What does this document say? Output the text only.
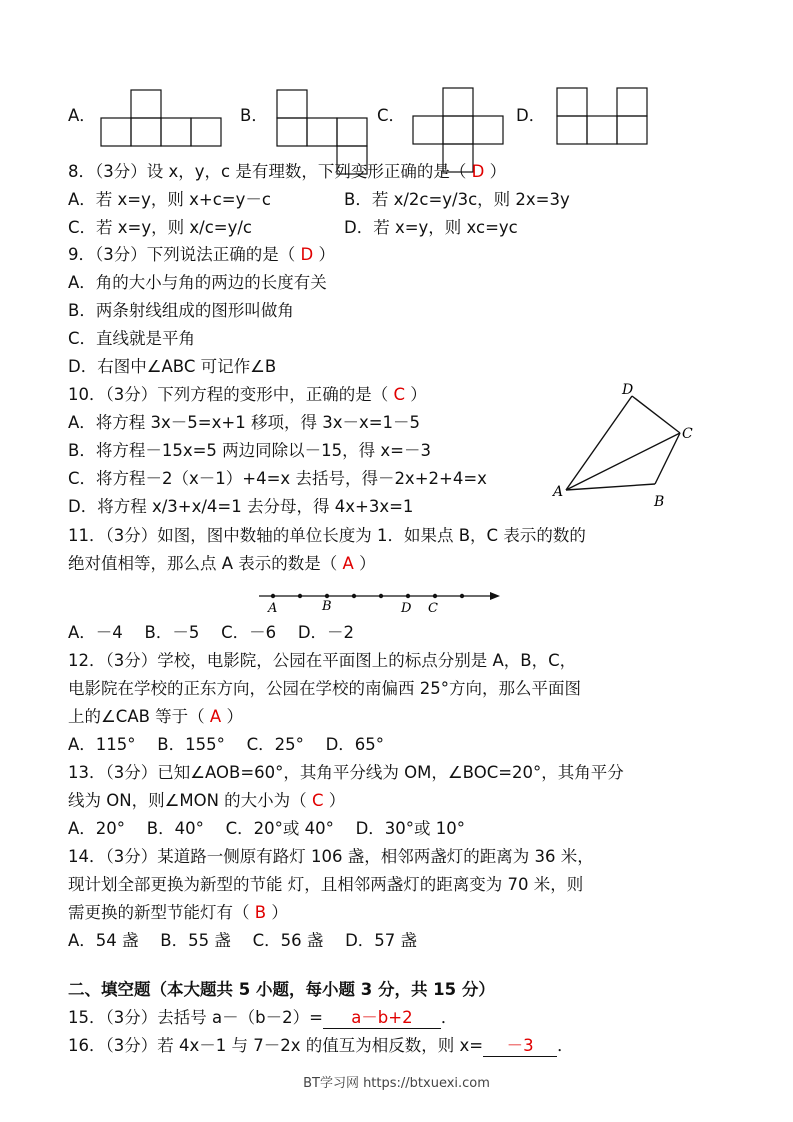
A．	B．	C．	D．
8．（3分）设 x，y，c 是有理数，下列变形正确的是（ D ）
A．若 x=y，则 x+c=y－c	B．若 x/2c=y/3c，则 2x=3y
C．若 x=y，则 x/c=y/c	D．若 x=y，则 xc=yc
9．（3分）下列说法正确的是（ D ）
A．角的大小与角的两边的长度有关
B．两条射线组成的图形叫做角
C．直线就是平角
D．右图中∠ABC 可记作∠B
10．（3分）下列方程的变形中，正确的是（ C ）
A．将方程 3x－5=x+1 移项，得 3x－x=1－5
B．将方程－15x=5 两边同除以－15，得 x=－3
C．将方程－2（x－1）+4=x 去括号，得－2x+2+4=x
D．将方程 x/3+x/4=1 去分母，得 4x+3x=1
D
C
A
B
11．（3分）如图，图中数轴的单位长度为 1．如果点 B，C 表示的数的
绝对值相等，那么点 A 表示的数是（ A ）
A	B	D C
A．－4　 B．－5　 C．－6　 D．－2
12．（3分）学校，电影院，公园在平面图上的标点分别是 A，B，C，
电影院在学校的正东方向，公园在学校的南偏西 25°方向，那么平面图
上的∠CAB 等于（ A ）
A．115°　 B．155°　 C．25°　 D．65°
13．（3分）已知∠AOB=60°，其角平分线为 OM，∠BOC=20°，其角平分
线为 ON，则∠MON 的大小为（ C ）
A．20°　 B．40°　 C．20°或 40°　 D．30°或 10°
14．（3分）某道路一侧原有路灯 106 盏，相邻两盏灯的距离为 36 米，
现计划全部更换为新型的节能 灯，且相邻两盏灯的距离变为 70 米，则
需更换的新型节能灯有（ B ）
A．54 盏　 B．55 盏　 C．56 盏　 D．57 盏
二、填空题（本大题共 5 小题，每小题 3 分，共 15 分）
15．（3分）去括号 a－（b－2）= a－b+2 ．
16．（3分）若 4x－1 与 7－2x 的值互为相反数，则 x= －3 ．
BT学习网 https://btxuexi.com
